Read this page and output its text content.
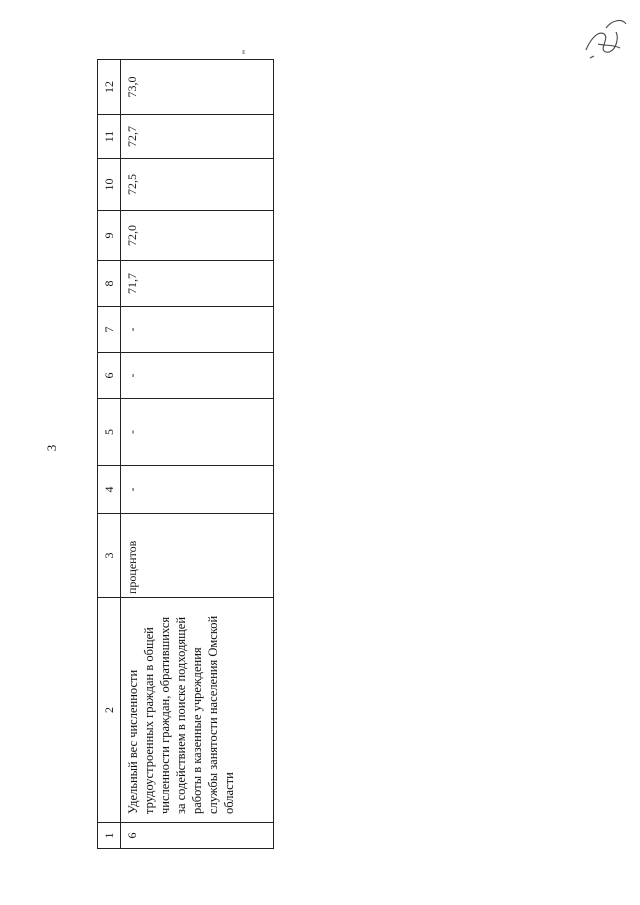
3
"
1	2	3	4	5	6	7	8	9	10	11	12
6	Удельный вес численности трудоустроенных граждан в общей численности граждан, обратившихся за содействием в поиске подходящей работы в казенные учреждения службы занятости населения Омской области	процентов	-	-	-	-	71,7	72,0	72,5	72,7	73,0
